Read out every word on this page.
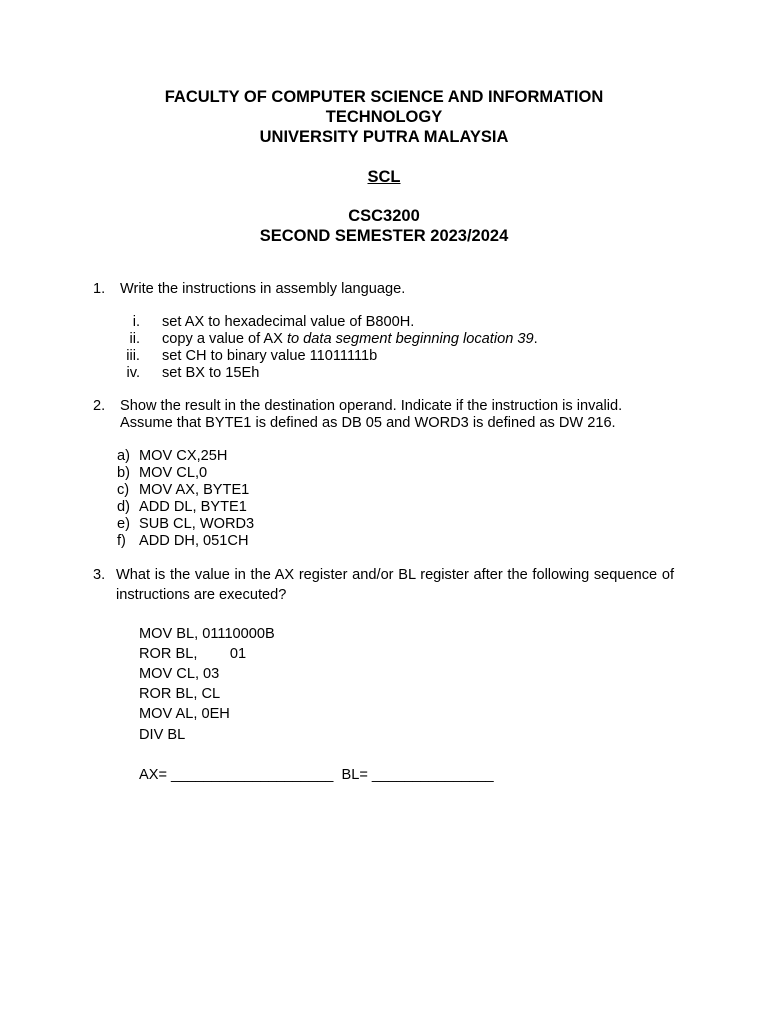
FACULTY OF COMPUTER SCIENCE AND INFORMATION
TECHNOLOGY
UNIVERSITY PUTRA MALAYSIA
SCL
CSC3200
SECOND SEMESTER 2023/2024
1. Write the instructions in assembly language.
i. set AX to hexadecimal value of B800H.
ii. copy a value of AX to data segment beginning location 39.
iii. set CH to binary value 11011111b
iv. set BX to 15Eh
2. Show the result in the destination operand. Indicate if the instruction is invalid.
Assume that BYTE1 is defined as DB 05 and WORD3 is defined as DW 216.
a) MOV CX,25H
b) MOV CL,0
c) MOV AX, BYTE1
d) ADD DL, BYTE1
e) SUB CL, WORD3
f) ADD DH, 051CH
3. What is the value in the AX register and/or BL register after the following sequence of instructions are executed?
MOV BL, 01110000B
ROR BL,        01
MOV CL, 03
ROR BL, CL
MOV AL, 0EH
DIV BL
AX= ____________________  BL= _______________
